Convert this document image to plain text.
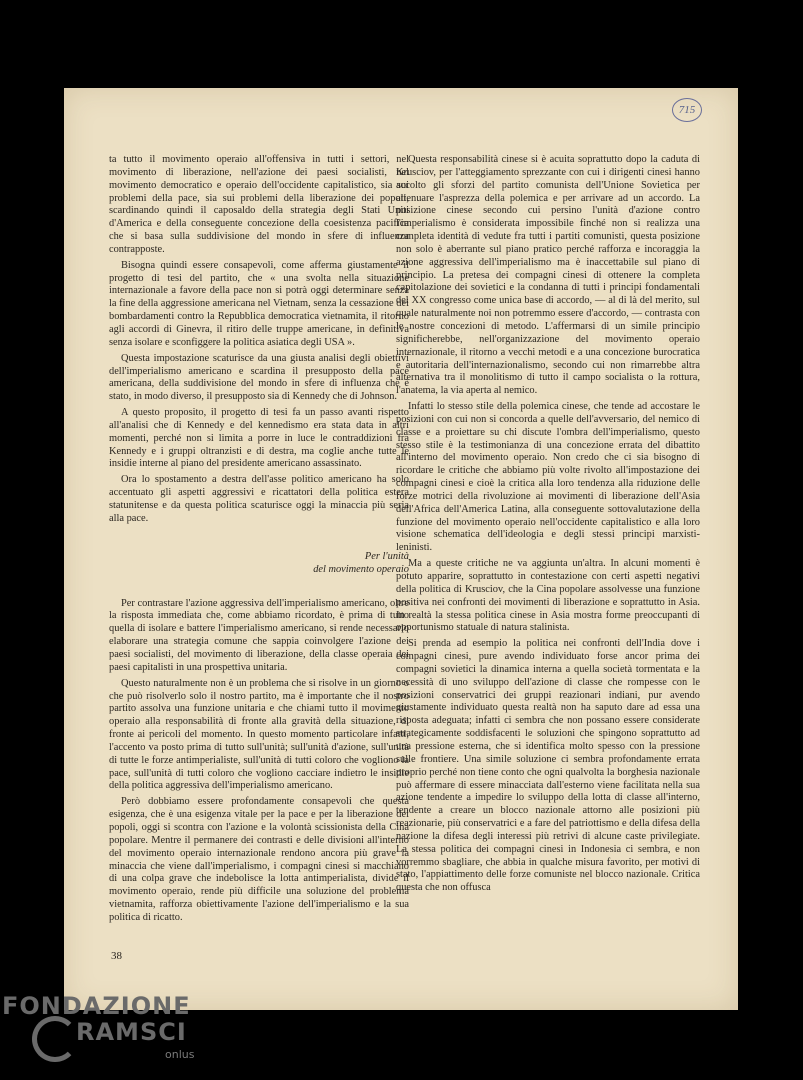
715

ta tutto il movimento operaio all'offensiva in tutti i settori, nel movimento di liberazione, nell'azione dei paesi socialisti, nel movimento democratico e operaio dell'occidente capitalistico, sia sui problemi della pace, sia sui problemi della liberazione dei popoli, scardinando quindi il caposaldo della strategia degli Stati Uniti d'America e della conseguente concezione della coesistenza pacifica che si basa sulla suddivisione del mondo in sfere di influenza contrapposte.

Bisogna quindi essere consapevoli, come afferma giustamente il progetto di tesi del partito, che « una svolta nella situazione internazionale a favore della pace non si potrà oggi determinare senza la fine della aggressione americana nel Vietnam, senza la cessazione dei bombardamenti contro la Repubblica democratica vietnamita, il ritorno agli accordi di Ginevra, il ritiro delle truppe americane, in definitiva senza isolare e sconfiggere la politica asiatica degli USA ».

Questa impostazione scaturisce da una giusta analisi degli obiettivi dell'imperialismo americano e scardina il presupposto della pace americana, della suddivisione del mondo in sfere di influenza che è stato, in modo diverso, il presupposto sia di Kennedy che di Johnson.

A questo proposito, il progetto di tesi fa un passo avanti rispetto all'analisi che di Kennedy e del kennedismo era stata data in altri momenti, perché non si limita a porre in luce le contraddizioni fra Kennedy e i gruppi oltranzisti e di destra, ma coglie anche tutte le insidie interne al piano del presidente americano assassinato.

Ora lo spostamento a destra dell'asse politico americano ha solo accentuato gli aspetti aggressivi e ricattatori della politica estera statunitense e da questa politica scaturisce oggi la minaccia più seria alla pace.

Per l'unità
del movimento operaio

Per contrastare l'azione aggressiva dell'imperialismo americano, oltre la risposta immediata che, come abbiamo ricordato, è prima di tutto quella di isolare e battere l'imperialismo americano, si rende necessario elaborare una strategia comune che sappia coinvolgere l'azione dei paesi socialisti, del movimento di liberazione, della classe operaia dei paesi capitalisti in una prospettiva unitaria.

Questo naturalmente non è un problema che si risolve in un giorno o che può risolverlo solo il nostro partito, ma è importante che il nostro partito assolva una funzione unitaria e che chiami tutto il movimento operaio alla responsabilità di fronte alla gravità della situazione, di fronte ai pericoli del momento. In questo momento particolare infatti, l'accento va posto prima di tutto sull'unità; sull'unità d'azione, sull'unità di tutte le forze antimperialiste, sull'unità di tutti coloro che vogliono la pace, sull'unità di tutti coloro che vogliono cacciare indietro le insidie della politica aggressiva dell'imperialismo americano.

Però dobbiamo essere profondamente consapevoli che questa esigenza, che è una esigenza vitale per la pace e per la liberazione dei popoli, oggi si scontra con l'azione e la volontà scissionista della Cina popolare. Mentre il permanere dei contrasti e delle divisioni all'interno del movimento operaio internazionale rendono ancora più grave la minaccia che viene dall'imperialismo, i compagni cinesi si macchiano di una colpa grave che indebolisce la lotta antimperialista, divide il movimento operaio, rende più difficile una soluzione del problema vietnamita, rafforza obiettivamente l'azione dell'imperialismo e la sua politica di ricatto.

Questa responsabilità cinese si è acuita soprattutto dopo la caduta di Krusciov, per l'atteggiamento sprezzante con cui i dirigenti cinesi hanno accolto gli sforzi del partito comunista dell'Unione Sovietica per attenuare l'asprezza della polemica e per arrivare ad un accordo. La posizione cinese secondo cui persino l'unità d'azione contro l'imperialismo è considerata impossibile finché non si realizza una completa identità di vedute fra tutti i partiti comunisti, questa posizione non solo è aberrante sul piano pratico perché rafforza e incoraggia la azione aggressiva dell'imperialismo ma è inaccettabile sul piano di principio. La pretesa dei compagni cinesi di ottenere la completa capitolazione dei sovietici e la condanna di tutti i principi fondamentali del XX congresso come unica base di accordo, — al di là del merito, sul quale naturalmente noi non potremmo essere d'accordo, — contrasta con le nostre concezioni di metodo. L'affermarsi di un simile principio significherebbe, nell'organizzazione del movimento operaio internazionale, il ritorno a vecchi metodi e a una concezione burocratica e autoritaria dell'internazionalismo, secondo cui non rimarrebbe altra alternativa tra il monolitismo di tutto il campo socialista o la rottura, l'anatema, la via aperta al nemico.

Infatti lo stesso stile della polemica cinese, che tende ad accostare le posizioni con cui non si concorda a quelle dell'avversario, del nemico di classe e a proiettare su chi discute l'ombra dell'imperialismo, questo stesso stile è la testimonianza di una concezione errata del dibattito all'interno del movimento operaio. Non credo che ci sia bisogno di ricordare le critiche che abbiamo più volte rivolto all'impostazione dei compagni cinesi e cioè la critica alla loro tendenza alla riduzione delle forze motrici della rivoluzione ai movimenti di liberazione dell'Asia dell'Africa dell'America Latina, alla conseguente sottovalutazione della funzione del movimento operaio nell'occidente capitalistico e alla loro visione schematica dell'ideologia e degli stessi principi marxisti-leninisti.

Ma a queste critiche ne va aggiunta un'altra. In alcuni momenti è potuto apparire, soprattutto in contestazione con certi aspetti negativi della politica di Krusciov, che la Cina popolare assolvesse una funzione positiva nei confronti dei movimenti di liberazione e soprattutto in Asia. In realtà la stessa politica cinese in Asia mostra forme preoccupanti di opportunismo statuale di natura stalinista.

Si prenda ad esempio la politica nei confronti dell'India dove i compagni cinesi, pure avendo individuato forse ancor prima dei compagni sovietici la dinamica interna a quella società tormentata e la necessità di uno sviluppo dell'azione di classe che rompesse con le posizioni conservatrici dei gruppi reazionari indiani, pur avendo giustamente individuato questa realtà non ha saputo dare ad essa una risposta adeguata; infatti ci sembra che non possano essere considerate strategicamente soddisfacenti le soluzioni che spingono soprattutto ad una pressione esterna, che si identifica molto spesso con la pressione sulle frontiere. Una simile soluzione ci sembra profondamente errata proprio perché non tiene conto che ogni qualvolta la borghesia nazionale può affermare di essere minacciata dall'esterno viene facilitata nella sua azione tendente a impedire lo sviluppo della lotta di classe all'interno, tendente a creare un blocco nazionale attorno alle posizioni più reazionarie, più conservatrici e a fare del patriottismo e della difesa della nazione la difesa degli interessi più retrivi di alcune caste privilegiate. La stessa politica dei compagni cinesi in Indonesia ci sembra, e non vorremmo sbagliare, che abbia in qualche misura favorito, per motivi di stato, l'appiattimento delle forze comuniste nel blocco nazionale. Critica questa che non offusca

38
FONDAZIONE
RAMSCI
onlus
